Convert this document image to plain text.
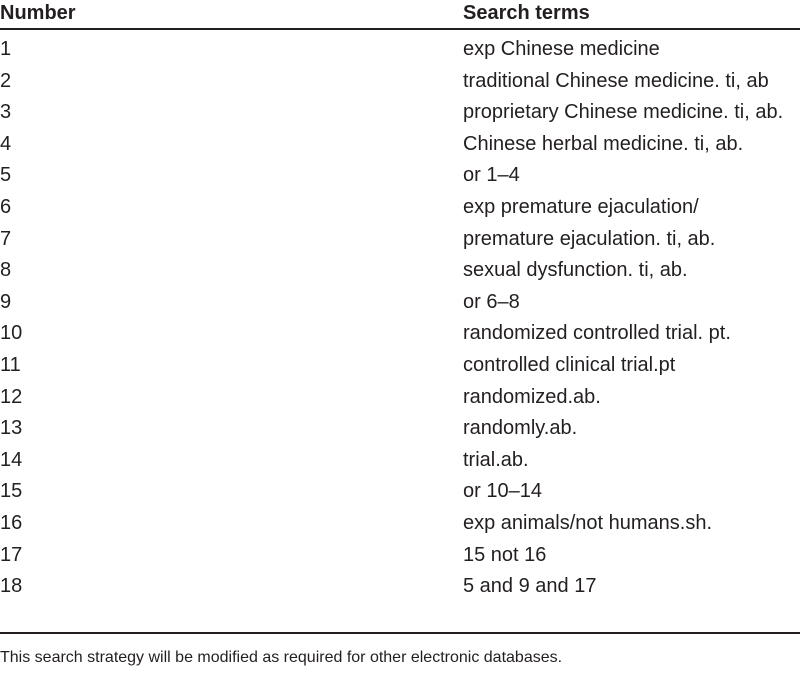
Number	Search terms
1	exp Chinese medicine
2	traditional Chinese medicine. ti, ab
3	proprietary Chinese medicine. ti, ab.
4	Chinese herbal medicine. ti, ab.
5	or 1–4
6	exp premature ejaculation/
7	premature ejaculation. ti, ab.
8	sexual dysfunction. ti, ab.
9	or 6–8
10	randomized controlled trial. pt.
11	controlled clinical trial.pt
12	randomized.ab.
13	randomly.ab.
14	trial.ab.
15	or 10–14
16	exp animals/not humans.sh.
17	15 not 16
18	5 and 9 and 17
This search strategy will be modified as required for other electronic databases.
